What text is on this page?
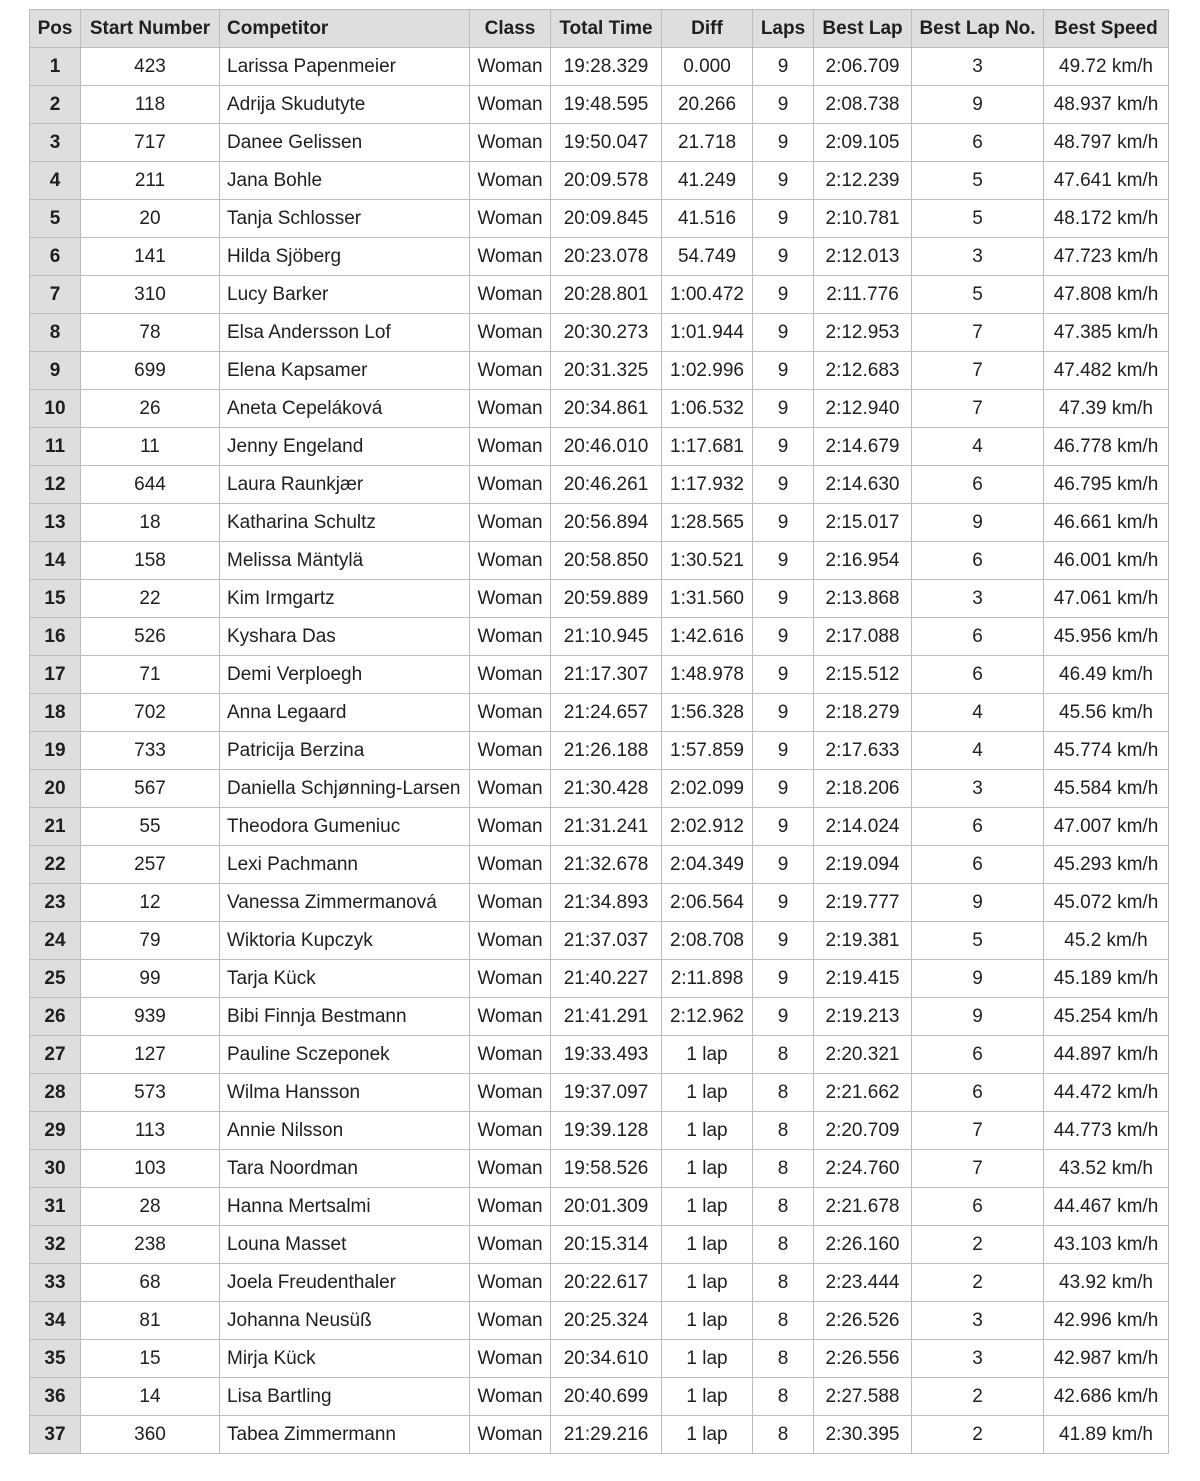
Pos	Start Number	Competitor	Class	Total Time	Diff	Laps	Best Lap	Best Lap No.	Best Speed
1	423	Larissa Papenmeier	Woman	19:28.329	0.000	9	2:06.709	3	49.72 km/h
2	118	Adrija Skudutyte	Woman	19:48.595	20.266	9	2:08.738	9	48.937 km/h
3	717	Danee Gelissen	Woman	19:50.047	21.718	9	2:09.105	6	48.797 km/h
4	211	Jana Bohle	Woman	20:09.578	41.249	9	2:12.239	5	47.641 km/h
5	20	Tanja Schlosser	Woman	20:09.845	41.516	9	2:10.781	5	48.172 km/h
6	141	Hilda Sjöberg	Woman	20:23.078	54.749	9	2:12.013	3	47.723 km/h
7	310	Lucy Barker	Woman	20:28.801	1:00.472	9	2:11.776	5	47.808 km/h
8	78	Elsa Andersson Lof	Woman	20:30.273	1:01.944	9	2:12.953	7	47.385 km/h
9	699	Elena Kapsamer	Woman	20:31.325	1:02.996	9	2:12.683	7	47.482 km/h
10	26	Aneta Cepeláková	Woman	20:34.861	1:06.532	9	2:12.940	7	47.39 km/h
11	11	Jenny Engeland	Woman	20:46.010	1:17.681	9	2:14.679	4	46.778 km/h
12	644	Laura Raunkjær	Woman	20:46.261	1:17.932	9	2:14.630	6	46.795 km/h
13	18	Katharina Schultz	Woman	20:56.894	1:28.565	9	2:15.017	9	46.661 km/h
14	158	Melissa Mäntylä	Woman	20:58.850	1:30.521	9	2:16.954	6	46.001 km/h
15	22	Kim Irmgartz	Woman	20:59.889	1:31.560	9	2:13.868	3	47.061 km/h
16	526	Kyshara Das	Woman	21:10.945	1:42.616	9	2:17.088	6	45.956 km/h
17	71	Demi Verploegh	Woman	21:17.307	1:48.978	9	2:15.512	6	46.49 km/h
18	702	Anna Legaard	Woman	21:24.657	1:56.328	9	2:18.279	4	45.56 km/h
19	733	Patricija Berzina	Woman	21:26.188	1:57.859	9	2:17.633	4	45.774 km/h
20	567	Daniella Schjønning-Larsen	Woman	21:30.428	2:02.099	9	2:18.206	3	45.584 km/h
21	55	Theodora Gumeniuc	Woman	21:31.241	2:02.912	9	2:14.024	6	47.007 km/h
22	257	Lexi Pachmann	Woman	21:32.678	2:04.349	9	2:19.094	6	45.293 km/h
23	12	Vanessa Zimmermanová	Woman	21:34.893	2:06.564	9	2:19.777	9	45.072 km/h
24	79	Wiktoria Kupczyk	Woman	21:37.037	2:08.708	9	2:19.381	5	45.2 km/h
25	99	Tarja Kück	Woman	21:40.227	2:11.898	9	2:19.415	9	45.189 km/h
26	939	Bibi Finnja Bestmann	Woman	21:41.291	2:12.962	9	2:19.213	9	45.254 km/h
27	127	Pauline Sczeponek	Woman	19:33.493	1 lap	8	2:20.321	6	44.897 km/h
28	573	Wilma Hansson	Woman	19:37.097	1 lap	8	2:21.662	6	44.472 km/h
29	113	Annie Nilsson	Woman	19:39.128	1 lap	8	2:20.709	7	44.773 km/h
30	103	Tara Noordman	Woman	19:58.526	1 lap	8	2:24.760	7	43.52 km/h
31	28	Hanna Mertsalmi	Woman	20:01.309	1 lap	8	2:21.678	6	44.467 km/h
32	238	Louna Masset	Woman	20:15.314	1 lap	8	2:26.160	2	43.103 km/h
33	68	Joela Freudenthaler	Woman	20:22.617	1 lap	8	2:23.444	2	43.92 km/h
34	81	Johanna Neusüß	Woman	20:25.324	1 lap	8	2:26.526	3	42.996 km/h
35	15	Mirja Kück	Woman	20:34.610	1 lap	8	2:26.556	3	42.987 km/h
36	14	Lisa Bartling	Woman	20:40.699	1 lap	8	2:27.588	2	42.686 km/h
37	360	Tabea Zimmermann	Woman	21:29.216	1 lap	8	2:30.395	2	41.89 km/h
